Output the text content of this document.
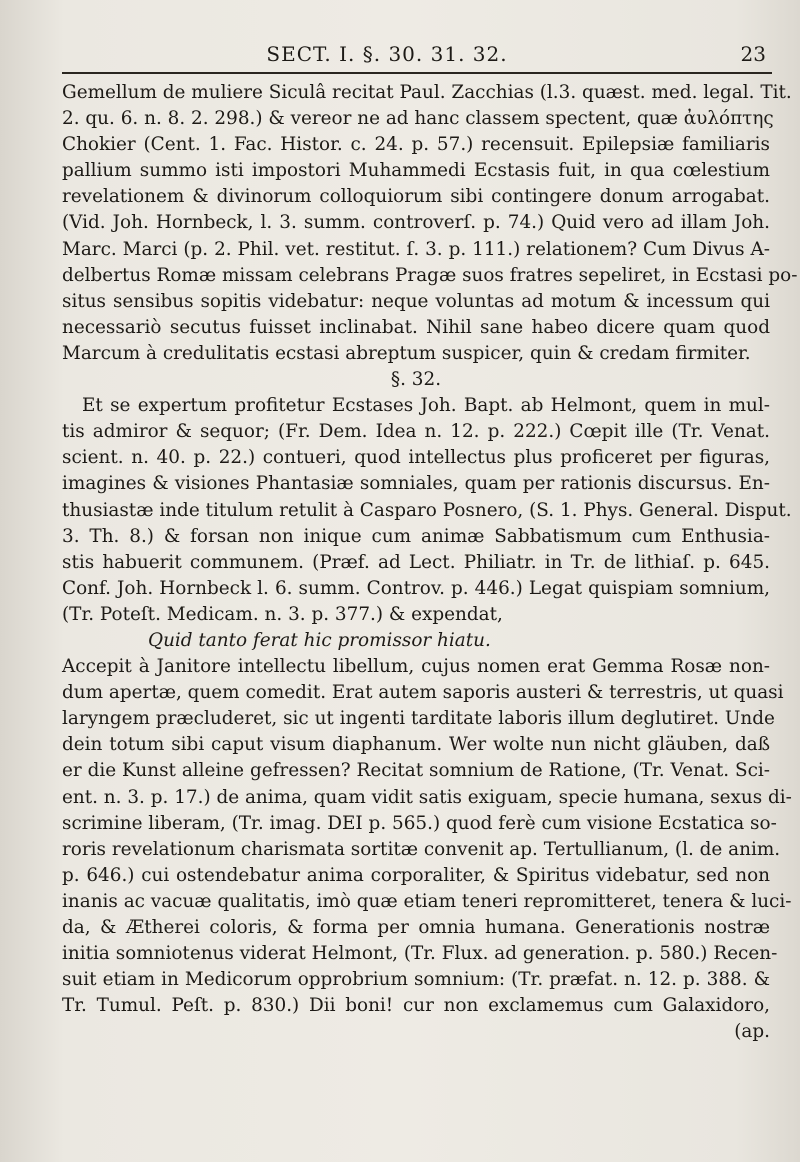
SECT. I. §. 30. 31. 32.	23
Gemellum de muliere Siculâ recitat Paul. Zacchias (l.3. quæst. med. legal. Tit.
2. qu. 6. n. 8. 2. 298.) & vereor ne ad hanc classem spectent, quæ ἀυλόπτης
Chokier (Cent. 1. Fac. Histor. c. 24. p. 57.) recensuit. Epilepsiæ familiaris
pallium summo isti impostori Muhammedi Ecstasis fuit, in qua cœlestium
revelationem & divinorum colloquiorum sibi contingere donum arrogabat.
(Vid. Joh. Hornbeck, l. 3. summ. controverſ. p. 74.) Quid vero ad illam Joh.
Marc. Marci (p. 2. Phil. vet. restitut. ſ. 3. p. 111.) relationem? Cum Divus A-
delbertus Romæ missam celebrans Pragæ suos fratres sepeliret, in Ecstasi po-
situs sensibus sopitis videbatur: neque voluntas ad motum & incessum qui
necessariò secutus fuisset inclinabat. Nihil sane habeo dicere quam quod
Marcum à credulitatis ecstasi abreptum suspicer, quin & credam firmiter.
§. 32.
Et se expertum profitetur Ecstases Joh. Bapt. ab Helmont, quem in mul-
tis admiror & sequor; (Fr. Dem. Idea n. 12. p. 222.) Cœpit ille (Tr. Venat.
scient. n. 40. p. 22.) contueri, quod intellectus plus proficeret per figuras,
imagines & visiones Phantasiæ somniales, quam per rationis discursus. En-
thusiastæ inde titulum retulit à Casparo Posnero, (S. 1. Phys. General. Disput.
3. Th. 8.) & forsan non inique cum animæ Sabbatismum cum Enthusia-
stis habuerit communem. (Præf. ad Lect. Philiatr. in Tr. de lithiaſ. p. 645.
Conf. Joh. Hornbeck l. 6. summ. Controv. p. 446.) Legat quispiam somnium,
(Tr. Poteſt. Medicam. n. 3. p. 377.) & expendat,
Quid tanto ferat hic promissor hiatu.
Accepit à Janitore intellectu libellum, cujus nomen erat Gemma Rosæ non-
dum apertæ, quem comedit. Erat autem saporis austeri & terrestris, ut quasi
laryngem præcluderet, sic ut ingenti tarditate laboris illum deglutiret. Unde
dein totum sibi caput visum diaphanum. Wer wolte nun nicht gläuben, daß
er die Kunst alleine gefressen? Recitat somnium de Ratione, (Tr. Venat. Sci-
ent. n. 3. p. 17.) de anima, quam vidit satis exiguam, specie humana, sexus di-
scrimine liberam, (Tr. imag. DEI p. 565.) quod ferè cum visione Ecstatica so-
roris revelationum charismata sortitæ convenit ap. Tertullianum, (l. de anim.
p. 646.) cui ostendebatur anima corporaliter, & Spiritus videbatur, sed non
inanis ac vacuæ qualitatis, imò quæ etiam teneri repromitteret, tenera & luci-
da, & Ætherei coloris, & forma per omnia humana. Generationis nostræ
initia somniotenus viderat Helmont, (Tr. Flux. ad generation. p. 580.) Recen-
suit etiam in Medicorum opprobrium somnium: (Tr. præfat. n. 12. p. 388. &
Tr. Tumul. Peſt. p. 830.) Dii boni! cur non exclamemus cum Galaxidoro,
(ap.
